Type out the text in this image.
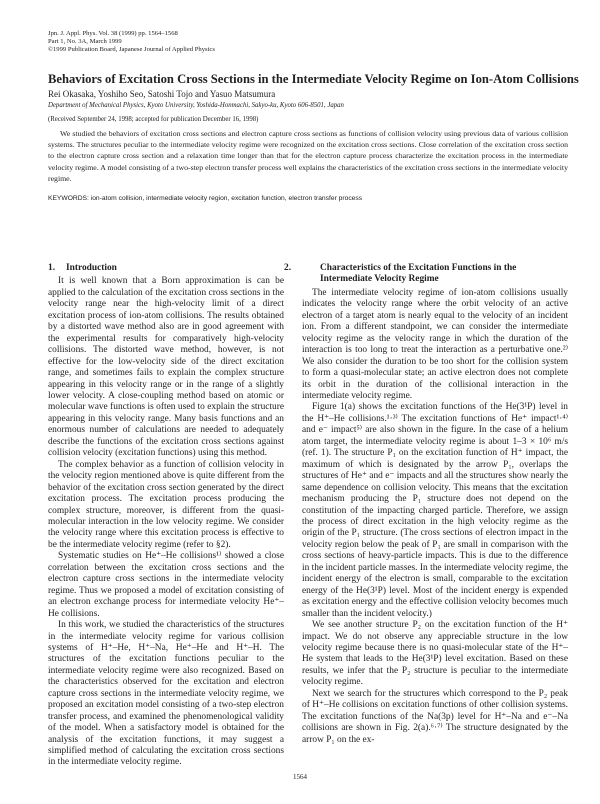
Jpn. J. Appl. Phys. Vol. 38 (1999) pp. 1564–1568
Part 1, No. 3A, March 1999
©1999 Publication Board, Japanese Journal of Applied Physics
Behaviors of Excitation Cross Sections in the Intermediate Velocity Regime on Ion-Atom Collisions
Rei Okasaka, Yoshiho Seo, Satoshi Tojo and Yasuo Matsumura
Department of Mechanical Physics, Kyoto University, Yoshida-Honmachi, Sakyo-ku, Kyoto 606-8501, Japan
(Received September 24, 1998; accepted for publication December 16, 1998)

We studied the behaviors of excitation cross sections and electron capture cross sections as functions of collision velocity using previous data of various collision systems. The structures peculiar to the intermediate velocity regime were recognized on the excitation cross sections. Close correlation of the excitation cross section to the electron capture cross section and a relaxation time longer than that for the electron capture process characterize the excitation process in the intermediate velocity regime. A model consisting of a two-step electron transfer process well explains the characteristics of the excitation cross sections in the intermediate velocity regime.

KEYWORDS: ion-atom collision, intermediate velocity region, excitation function, electron transfer process
1. Introduction

It is well known that a Born approximation is can be applied to the calculation of the excitation cross sections in the velocity range near the high-velocity limit of a direct excitation process of ion-atom collisions. The results obtained by a distorted wave method also are in good agreement with the experimental results for comparatively high-velocity collisions. The distorted wave method, however, is not effective for the low-velocity side of the direct excitation range, and sometimes fails to explain the complex structure appearing in this velocity range or in the range of a slightly lower velocity. A close-coupling method based on atomic or molecular wave functions is often used to explain the structure appearing in this velocity range. Many basis functions and an enormous number of calculations are needed to adequately describe the functions of the excitation cross sections against collision velocity (excitation functions) using this method.

The complex behavior as a function of collision velocity in the velocity region mentioned above is quite different from the behavior of the excitation cross section generated by the direct excitation process. The excitation process producing the complex structure, moreover, is different from the quasi-molecular interaction in the low velocity regime. We consider the velocity range where this excitation process is effective to be the intermediate velocity regime (refer to §2).

Systematic studies on He⁺–He collisions¹⁾ showed a close correlation between the excitation cross sections and the electron capture cross sections in the intermediate velocity regime. Thus we proposed a model of excitation consisting of an electron exchange process for intermediate velocity He⁺–He collisions.

In this work, we studied the characteristics of the structures in the intermediate velocity regime for various collision systems of H⁺–He, H⁺–Na, He⁺–He and H⁺–H. The structures of the excitation functions peculiar to the intermediate velocity regime were also recognized. Based on the characteristics observed for the excitation and electron capture cross sections in the intermediate velocity regime, we proposed an excitation model consisting of a two-step electron transfer process, and examined the phenomenological validity of the model. When a satisfactory model is obtained for the analysis of the excitation functions, it may suggest a simplified method of calculating the excitation cross sections in the intermediate velocity regime.

2.	Characteristics of the Excitation Functions in the Intermediate Velocity Regime

The intermediate velocity regime of ion-atom collisions usually indicates the velocity range where the orbit velocity of an active electron of a target atom is nearly equal to the velocity of an incident ion. From a different standpoint, we can consider the intermediate velocity regime as the velocity range in which the duration of the interaction is too long to treat the interaction as a perturbative one.²⁾ We also consider the duration to be too short for the collision system to form a quasi-molecular state; an active electron does not complete its orbit in the duration of the collisional interaction in the intermediate velocity regime.

Figure 1(a) shows the excitation functions of the He(3¹P) level in the H⁺–He collisions.¹·³⁾ The excitation functions of He⁺ impact¹·⁴⁾ and e⁻ impact⁵⁾ are also shown in the figure. In the case of a helium atom target, the intermediate velocity regime is about 1–3 × 10⁶ m/s (ref. 1). The structure P₁ on the excitation function of H⁺ impact, the maximum of which is designated by the arrow P₁, overlaps the structures of He⁺ and e⁻ impacts and all the structures show nearly the same dependence on collision velocity. This means that the excitation mechanism producing the P₁ structure does not depend on the constitution of the impacting charged particle. Therefore, we assign the process of direct excitation in the high velocity regime as the origin of the P₁ structure. (The cross sections of electron impact in the velocity region below the peak of P₁ are small in comparison with the cross sections of heavy-particle impacts. This is due to the difference in the incident particle masses. In the intermediate velocity regime, the incident energy of the electron is small, comparable to the excitation energy of the He(3¹P) level. Most of the incident energy is expended as excitation energy and the effective collision velocity becomes much smaller than the incident velocity.)

We see another structure P₂ on the excitation function of the H⁺ impact. We do not observe any appreciable structure in the low velocity regime because there is no quasi-molecular state of the H⁺–He system that leads to the He(3¹P) level excitation. Based on these results, we infer that the P₂ structure is peculiar to the intermediate velocity regime.

Next we search for the structures which correspond to the P₂ peak of H⁺–He collisions on excitation functions of other collision systems. The excitation functions of the Na(3p) level for H⁺–Na and e⁻–Na collisions are shown in Fig. 2(a).⁶·⁷⁾ The structure designated by the arrow P₁ on the ex-

1564
